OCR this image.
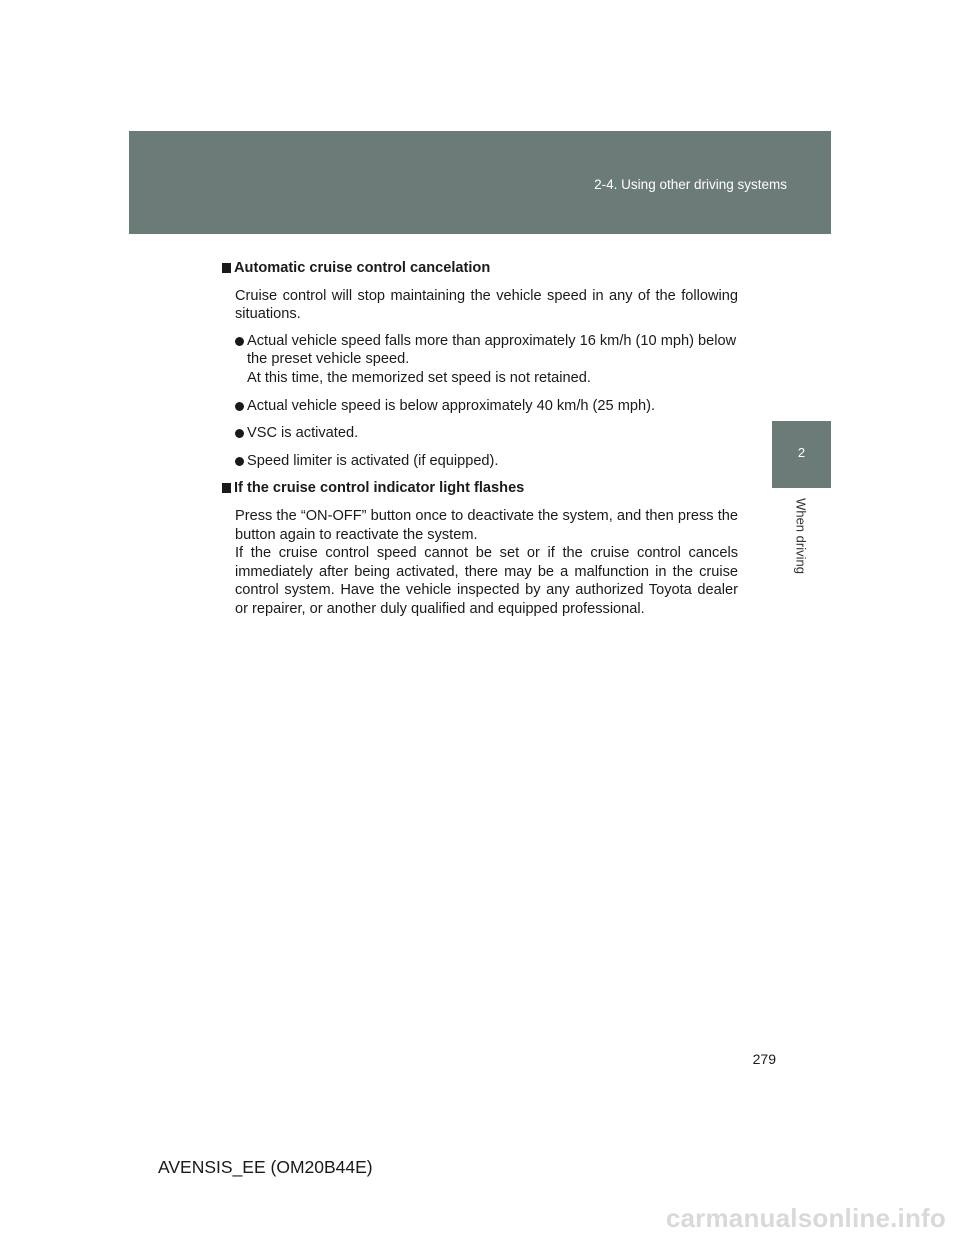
2-4. Using other driving systems
2
When driving
Automatic cruise control cancelation

Cruise control will stop maintaining the vehicle speed in any of the following situations.

Actual vehicle speed falls more than approximately 16 km/h (10 mph) below the preset vehicle speed.
At this time, the memorized set speed is not retained.
Actual vehicle speed is below approximately 40 km/h (25 mph).
VSC is activated.
Speed limiter is activated (if equipped).
If the cruise control indicator light flashes

Press the “ON-OFF” button once to deactivate the system, and then press the button again to reactivate the system.
If the cruise control speed cannot be set or if the cruise control cancels immediately after being activated, there may be a malfunction in the cruise control system. Have the vehicle inspected by any authorized Toyota dealer or repairer, or another duly qualified and equipped professional.

279
AVENSIS_EE (OM20B44E)
carmanualsonline.info
